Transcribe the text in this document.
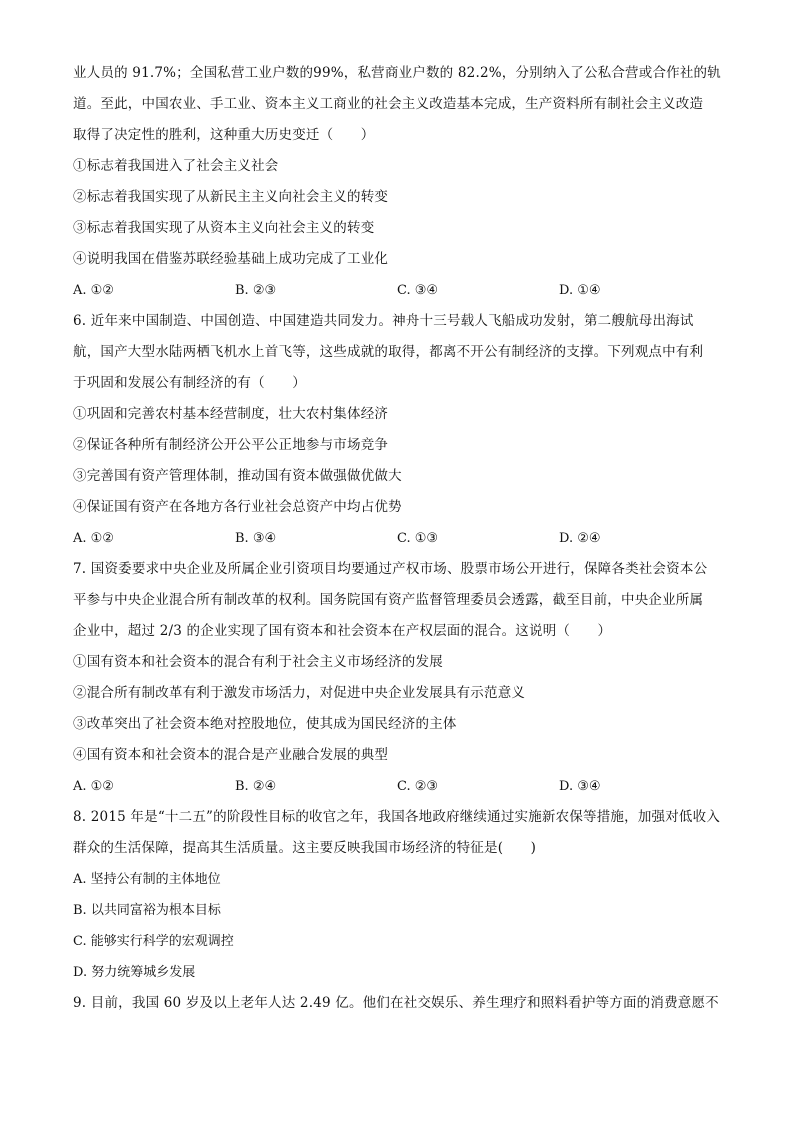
业人员的 91.7%；全国私营工业户数的99%，私营商业户数的 82.2%，分别纳入了公私合营或合作社的轨
道。至此，中国农业、手工业、资本主义工商业的社会主义改造基本完成，生产资料所有制社会主义改造
取得了决定性的胜利，这种重大历史变迁（　　）
①标志着我国进入了社会主义社会
②标志着我国实现了从新民主主义向社会主义的转变
③标志着我国实现了从资本主义向社会主义的转变
④说明我国在借鉴苏联经验基础上成功完成了工业化
A. ①②	B. ②③	C. ③④	D. ①④
6. 近年来中国制造、中国创造、中国建造共同发力。神舟十三号载人飞船成功发射，第二艘航母出海试
航，国产大型水陆两栖飞机水上首飞等，这些成就的取得，都离不开公有制经济的支撑。下列观点中有利
于巩固和发展公有制经济的有（　　）
①巩固和完善农村基本经营制度，壮大农村集体经济
②保证各种所有制经济公开公平公正地参与市场竞争
③完善国有资产管理体制，推动国有资本做强做优做大
④保证国有资产在各地方各行业社会总资产中均占优势
A. ①②	B. ③④	C. ①③	D. ②④
7. 国资委要求中央企业及所属企业引资项目均要通过产权市场、股票市场公开进行，保障各类社会资本公
平参与中央企业混合所有制改革的权利。国务院国有资产监督管理委员会透露，截至目前，中央企业所属
企业中，超过 2/3 的企业实现了国有资本和社会资本在产权层面的混合。这说明（　　）
①国有资本和社会资本的混合有利于社会主义市场经济的发展
②混合所有制改革有利于激发市场活力，对促进中央企业发展具有示范意义
③改革突出了社会资本绝对控股地位，使其成为国民经济的主体
④国有资本和社会资本的混合是产业融合发展的典型
A. ①②	B. ②④	C. ②③	D. ③④
8. 2015 年是“十二五”的阶段性目标的收官之年，我国各地政府继续通过实施新农保等措施，加强对低收入
群众的生活保障，提高其生活质量。这主要反映我国市场经济的特征是(　　)
A. 坚持公有制的主体地位
B. 以共同富裕为根本目标
C. 能够实行科学的宏观调控
D. 努力统筹城乡发展
9. 目前，我国 60 岁及以上老年人达 2.49 亿。他们在社交娱乐、养生理疗和照料看护等方面的消费意愿不
